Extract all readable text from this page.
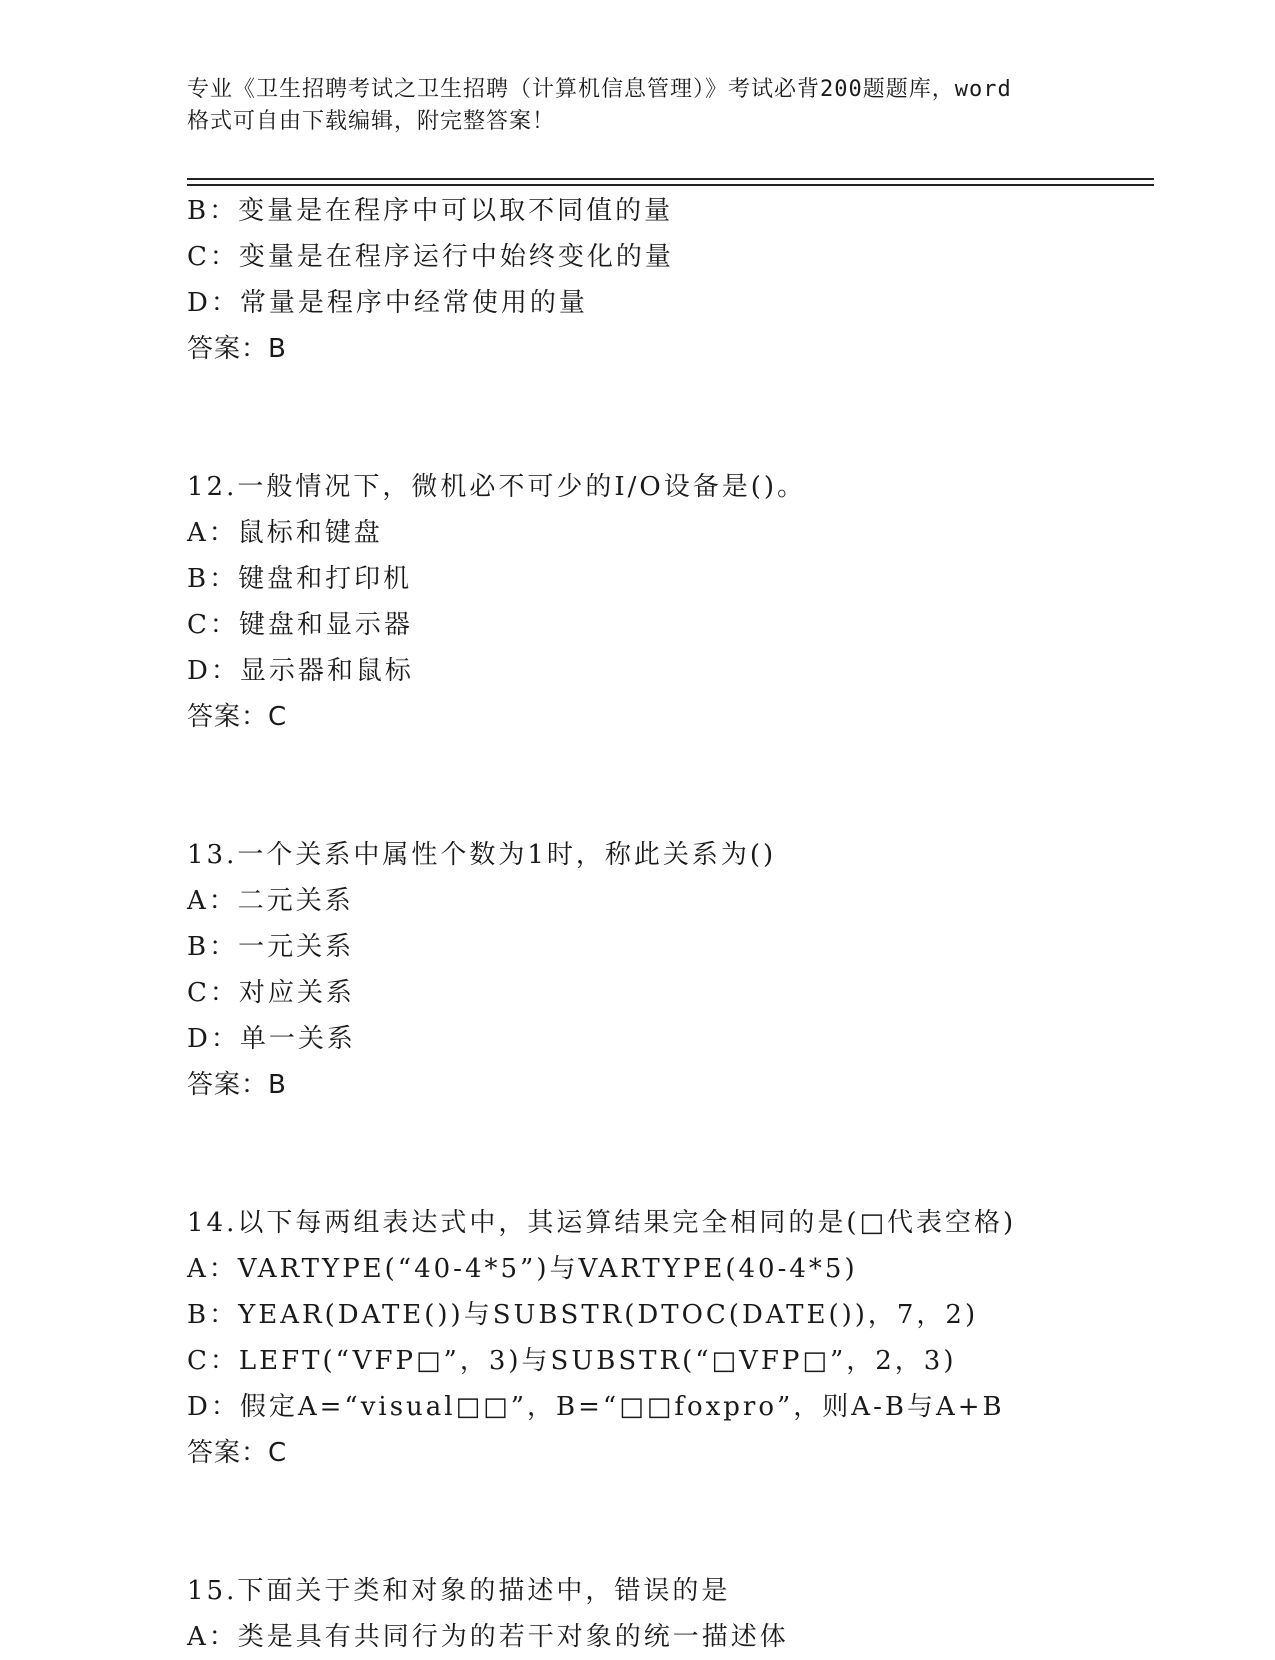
专业《卫生招聘考试之卫生招聘（计算机信息管理）》考试必背200题题库，word
格式可自由下载编辑，附完整答案！
B：变量是在程序中可以取不同值的量
C：变量是在程序运行中始终变化的量
D：常量是程序中经常使用的量
答案：B
12.一般情况下，微机必不可少的I/O设备是()。
A：鼠标和键盘
B：键盘和打印机
C：键盘和显示器
D：显示器和鼠标
答案：C
13.一个关系中属性个数为1时，称此关系为()
A：二元关系
B：一元关系
C：对应关系
D：单一关系
答案：B
14.以下每两组表达式中，其运算结果完全相同的是(□代表空格)
A：VARTYPE(“40-4*5”)与VARTYPE(40-4*5)
B：YEAR(DATE())与SUBSTR(DTOC(DATE())，7，2)
C：LEFT(“VFP□”，3)与SUBSTR(“□VFP□”，2，3)
D：假定A=“visual□□”，B=“□□foxpro”，则A-B与A+B
答案：C
15.下面关于类和对象的描述中，错误的是
A：类是具有共同行为的若干对象的统一描述体
